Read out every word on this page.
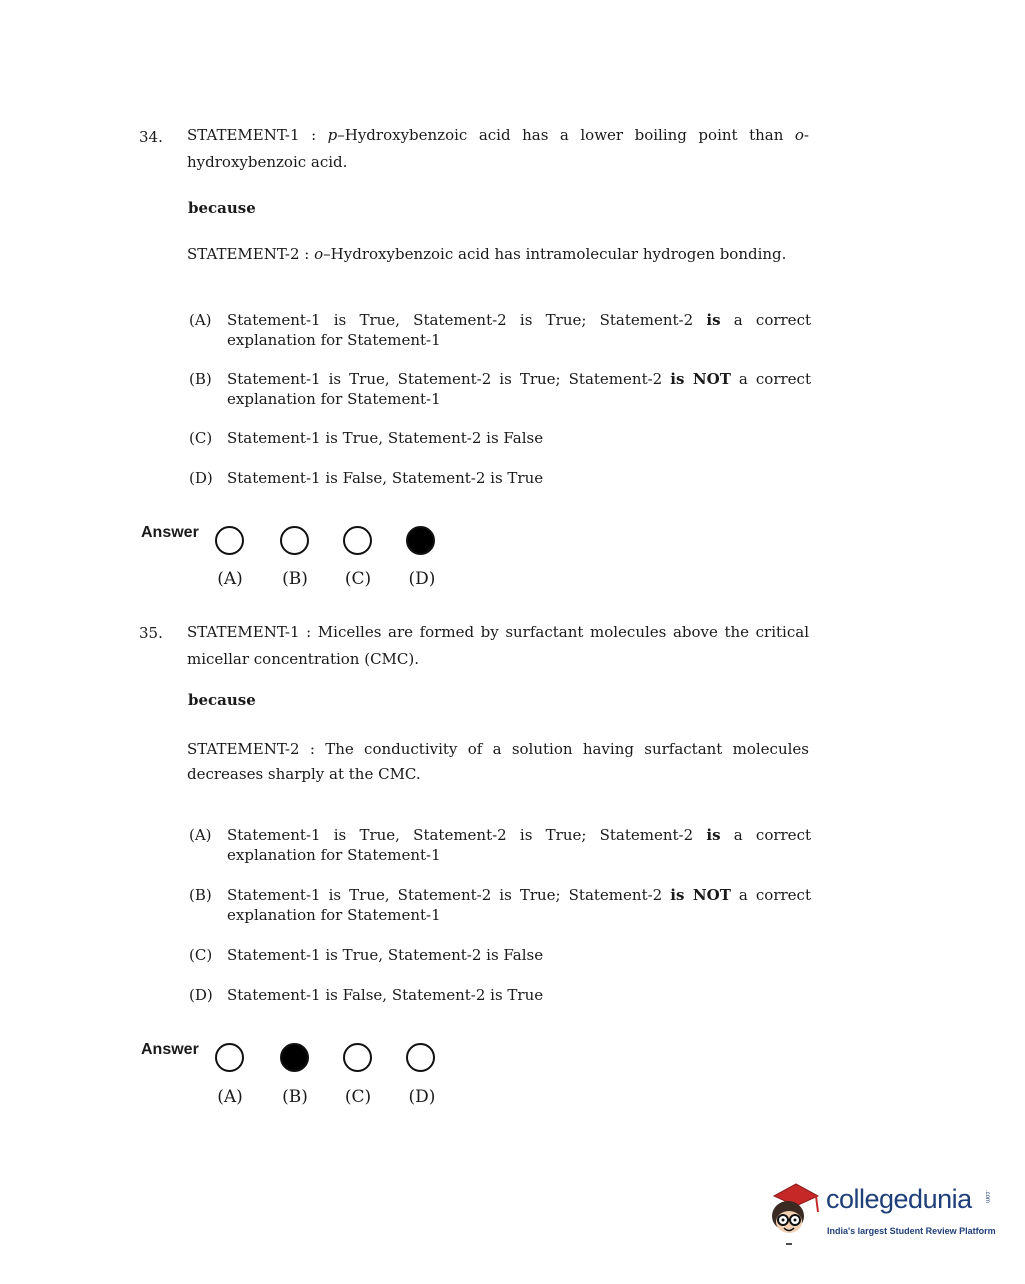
34. STATEMENT-1 : p–Hydroxybenzoic acid has a lower boiling point than o-hydroxybenzoic acid.
because
STATEMENT-2 : o–Hydroxybenzoic acid has intramolecular hydrogen bonding.
(A) Statement-1 is True, Statement-2 is True; Statement-2 is a correct explanation for Statement-1
(B) Statement-1 is True, Statement-2 is True; Statement-2 is NOT a correct explanation for Statement-1
(C) Statement-1 is True, Statement-2 is False
(D) Statement-1 is False, Statement-2 is True
Answer
(A)	(B)	(C)	(D)
35. STATEMENT-1 : Micelles are formed by surfactant molecules above the critical micellar concentration (CMC).
because
STATEMENT-2 : The conductivity of a solution having surfactant molecules decreases sharply at the CMC.
(A) Statement-1 is True, Statement-2 is True; Statement-2 is a correct explanation for Statement-1
(B) Statement-1 is True, Statement-2 is True; Statement-2 is NOT a correct explanation for Statement-1
(C) Statement-1 is True, Statement-2 is False
(D) Statement-1 is False, Statement-2 is True
Answer
(A)	(B)	(C)	(D)
collegedunia .com
India's largest Student Review Platform
